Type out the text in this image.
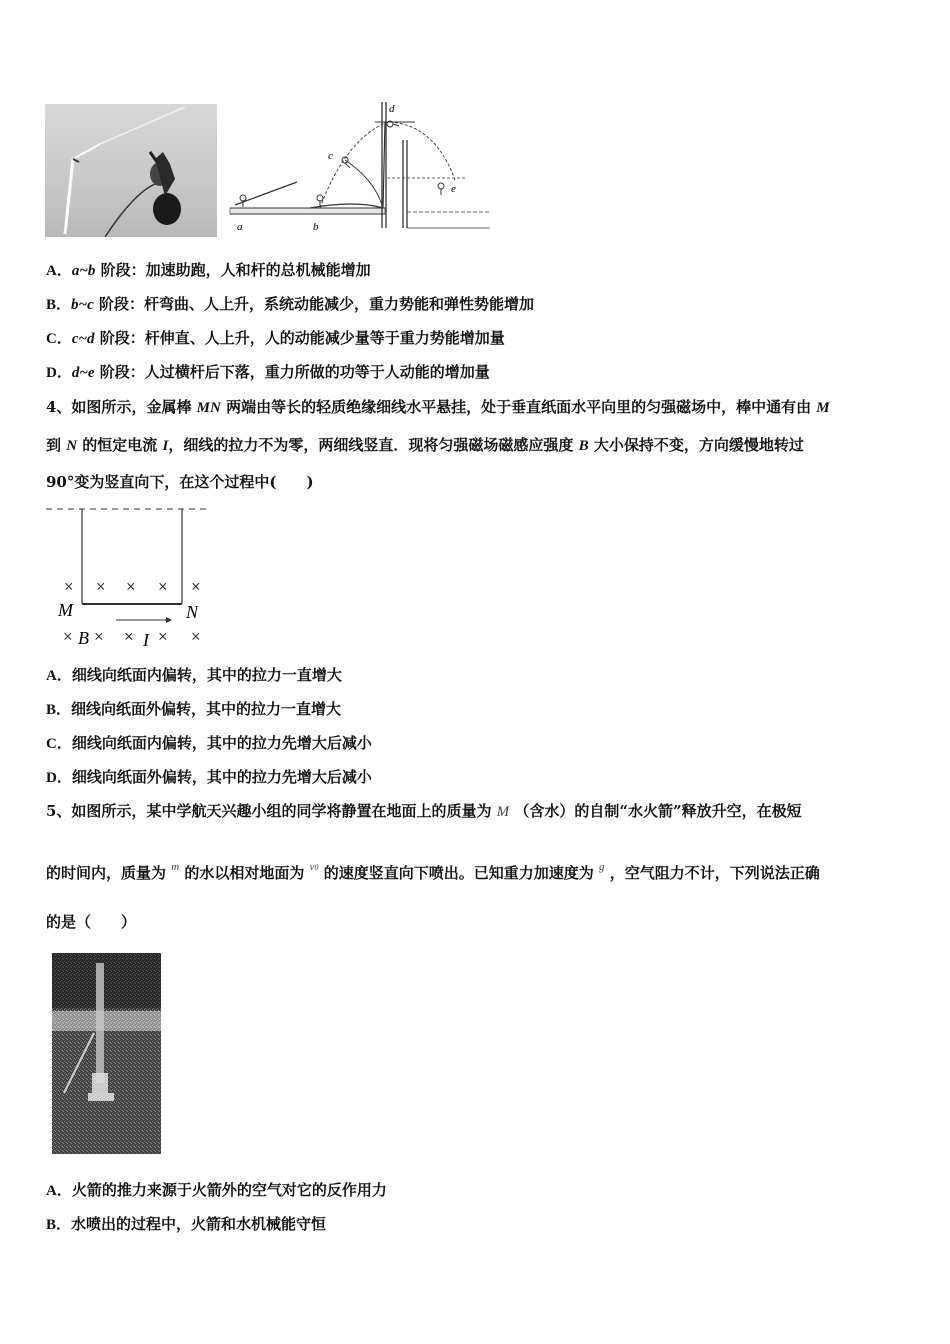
a	b
c
d
e
A．a~b 阶段：加速助跑，人和杆的总机械能增加
B．b~c 阶段：杆弯曲、人上升，系统动能减少，重力势能和弹性势能增加
C．c~d 阶段：杆伸直、人上升，人的动能减少量等于重力势能增加量
D．d~e 阶段：人过横杆后下落，重力所做的功等于人动能的增加量
4、如图所示，金属棒 MN 两端由等长的轻质绝缘细线水平悬挂，处于垂直纸面水平向里的匀强磁场中，棒中通有由 M
到 N 的恒定电流 I，细线的拉力不为零，两细线竖直．现将匀强磁场磁感应强度 B 大小保持不变，方向缓慢地转过
90°变为竖直向下，在这个过程中(　　)
× × × × ×
M	N
× B × × I × ×
A．细线向纸面内偏转，其中的拉力一直增大
B．细线向纸面外偏转，其中的拉力一直增大
C．细线向纸面内偏转，其中的拉力先增大后减小
D．细线向纸面外偏转，其中的拉力先增大后减小
5、如图所示，某中学航天兴趣小组的同学将静置在地面上的质量为 M （含水）的自制“水火箭”释放升空，在极短
的时间内，质量为 $^m$ 的水以相对地面为 $^{v0}$ 的速度竖直向下喷出。已知重力加速度为 $^g$ ，空气阻力不计，下列说法正确
的是（　　）
A．火箭的推力来源于火箭外的空气对它的反作用力
B．水喷出的过程中，火箭和水机械能守恒
